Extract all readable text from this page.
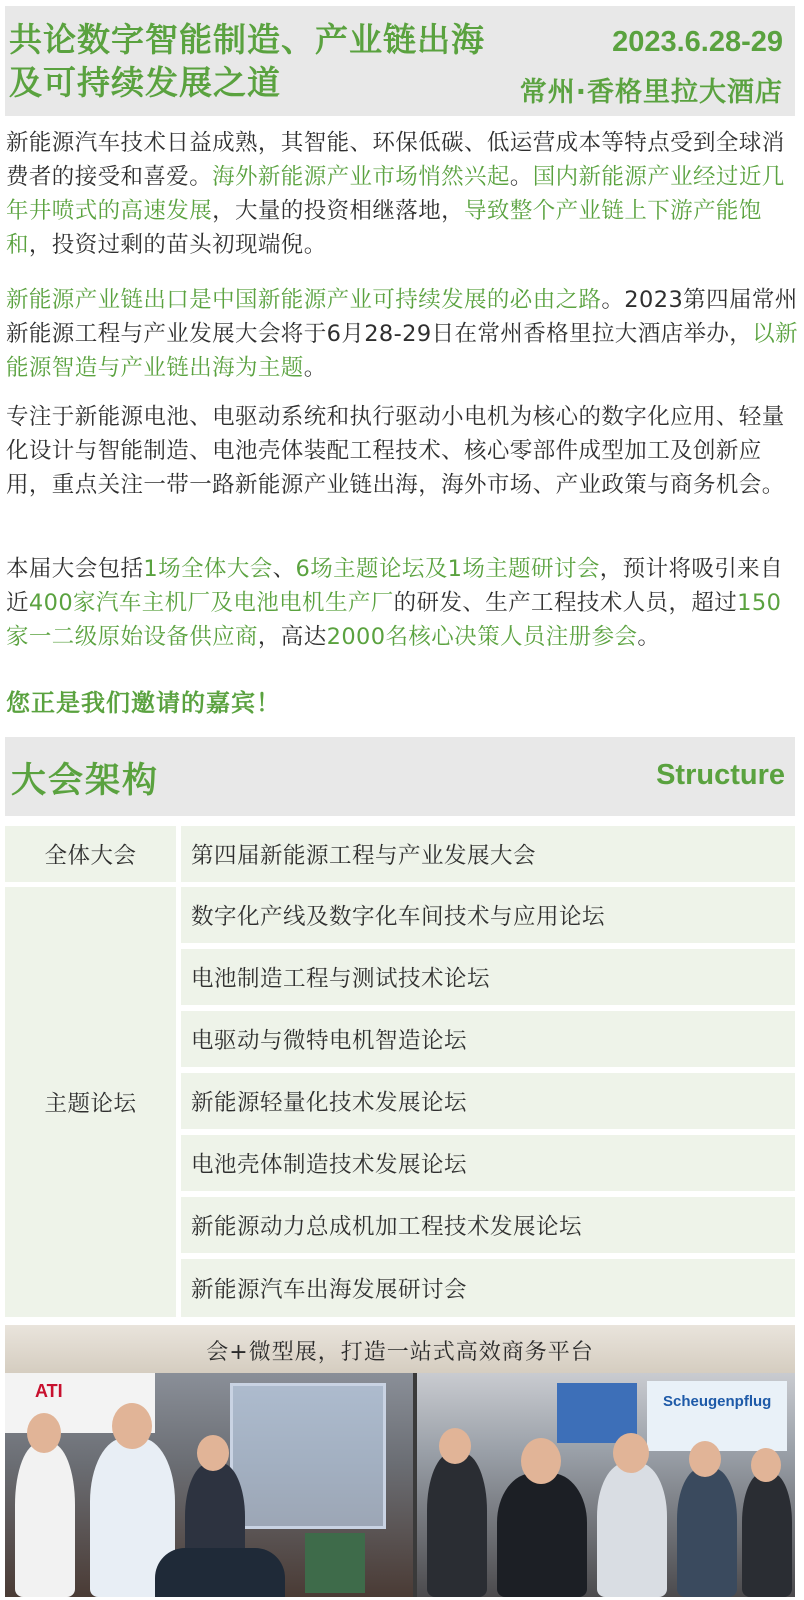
共论数字智能制造、产业链出海
及可持续发展之道
2023.6.28-29
常州·香格里拉大酒店
新能源汽车技术日益成熟，其智能、环保低碳、低运营成本等特点受到全球消费者的接受和喜爱。海外新能源产业市场悄然兴起。国内新能源产业经过近几年井喷式的高速发展，大量的投资相继落地，导致整个产业链上下游产能饱和，投资过剩的苗头初现端倪。
新能源产业链出口是中国新能源产业可持续发展的必由之路。2023第四届常州新能源工程与产业发展大会将于6月28-29日在常州香格里拉大酒店举办，以新能源智造与产业链出海为主题。
专注于新能源电池、电驱动系统和执行驱动小电机为核心的数字化应用、轻量化设计与智能制造、电池壳体装配工程技术、核心零部件成型加工及创新应用，重点关注一带一路新能源产业链出海，海外市场、产业政策与商务机会。
本届大会包括1场全体大会、6场主题论坛及1场主题研讨会，预计将吸引来自近400家汽车主机厂及电池电机生产厂的研发、生产工程技术人员，超过150家一二级原始设备供应商，高达2000名核心决策人员注册参会。
您正是我们邀请的嘉宾！
大会架构	Structure
全体大会	第四届新能源工程与产业发展大会
主题论坛
数字化产线及数字化车间技术与应用论坛
电池制造工程与测试技术论坛
电驱动与微特电机智造论坛
新能源轻量化技术发展论坛
电池壳体制造技术发展论坛
新能源动力总成机加工程技术发展论坛
新能源汽车出海发展研讨会
会+微型展，打造一站式高效商务平台
ATI
Scheugenpflug
